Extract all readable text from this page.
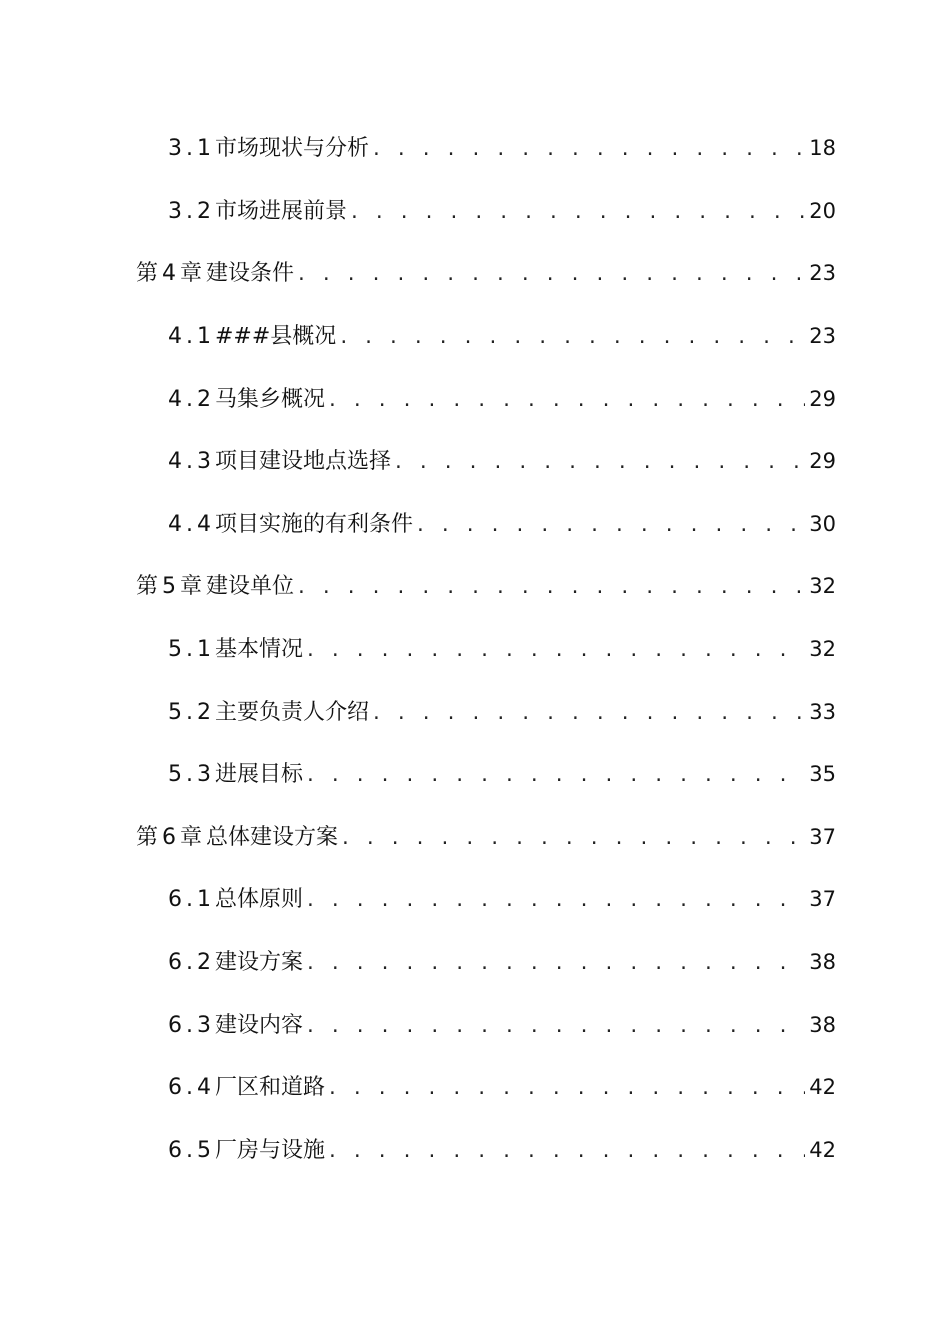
3.1 市场现状与分析 . . .	18
3.2 市场进展前景 . . .	20
第4章 建设条件 . . .	23
4.1 ###县概况 . . .	23
4.2 马集乡概况 . . .	29
4.3 项目建设地点选择 . . .	29
4.4 项目实施的有利条件 . . .	30
第5章 建设单位 . . .	32
5.1 基本情况 . . .	32
5.2 主要负责人介绍 . . .	33
5.3 进展目标 . . .	35
第6章 总体建设方案 . . .	37
6.1 总体原则 . . .	37
6.2 建设方案 . . .	38
6.3 建设内容 . . .	38
6.4 厂区和道路 . . .	42
6.5 厂房与设施 . . .	42
